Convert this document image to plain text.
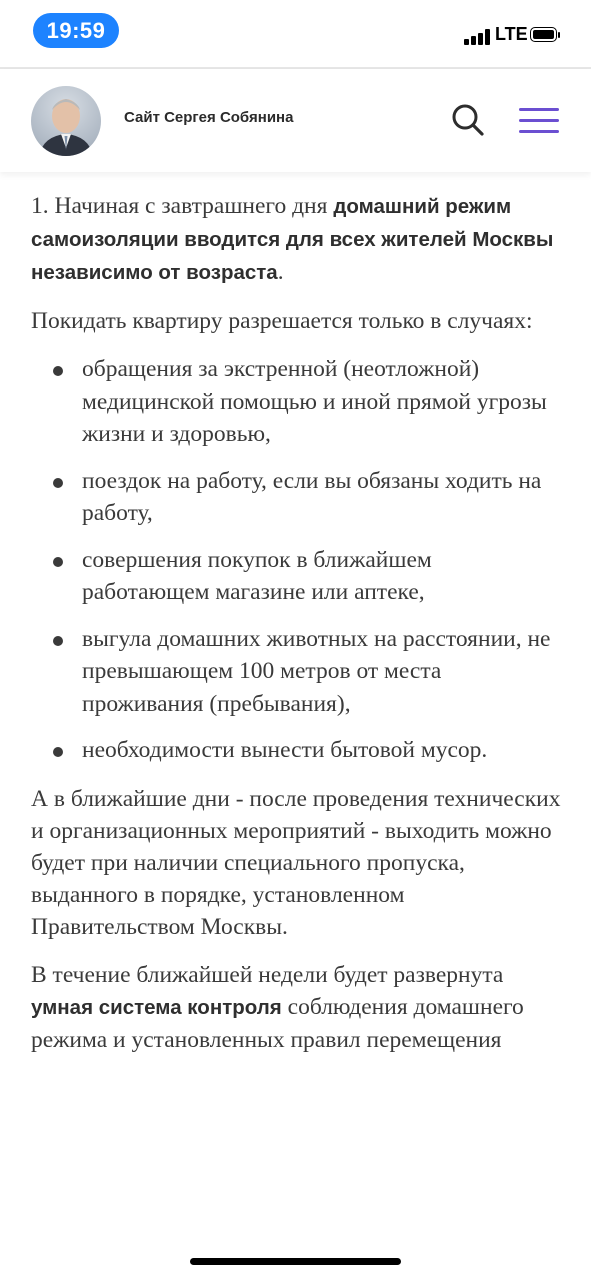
19:59	LTE
Сайт Сергея Собянина

1. Начиная с завтрашнего дня домашний режим самоизоляции вводится для всех жителей Москвы независимо от возраста.

Покидать квартиру разрешается только в случаях:

обращения за экстренной (неотложной) медицинской помощью и иной прямой угрозы жизни и здоровью,
поездок на работу, если вы обязаны ходить на работу,
совершения покупок в ближайшем работающем магазине или аптеке,
выгула домашних животных на расстоянии, не превышающем 100 метров от места проживания (пребывания),
необходимости вынести бытовой мусор.

А в ближайшие дни - после проведения технических и организационных мероприятий - выходить можно будет при наличии специального пропуска, выданного в порядке, установленном Правительством Москвы.

В течение ближайшей недели будет развернута умная система контроля соблюдения домашнего режима и установленных правил перемещения
